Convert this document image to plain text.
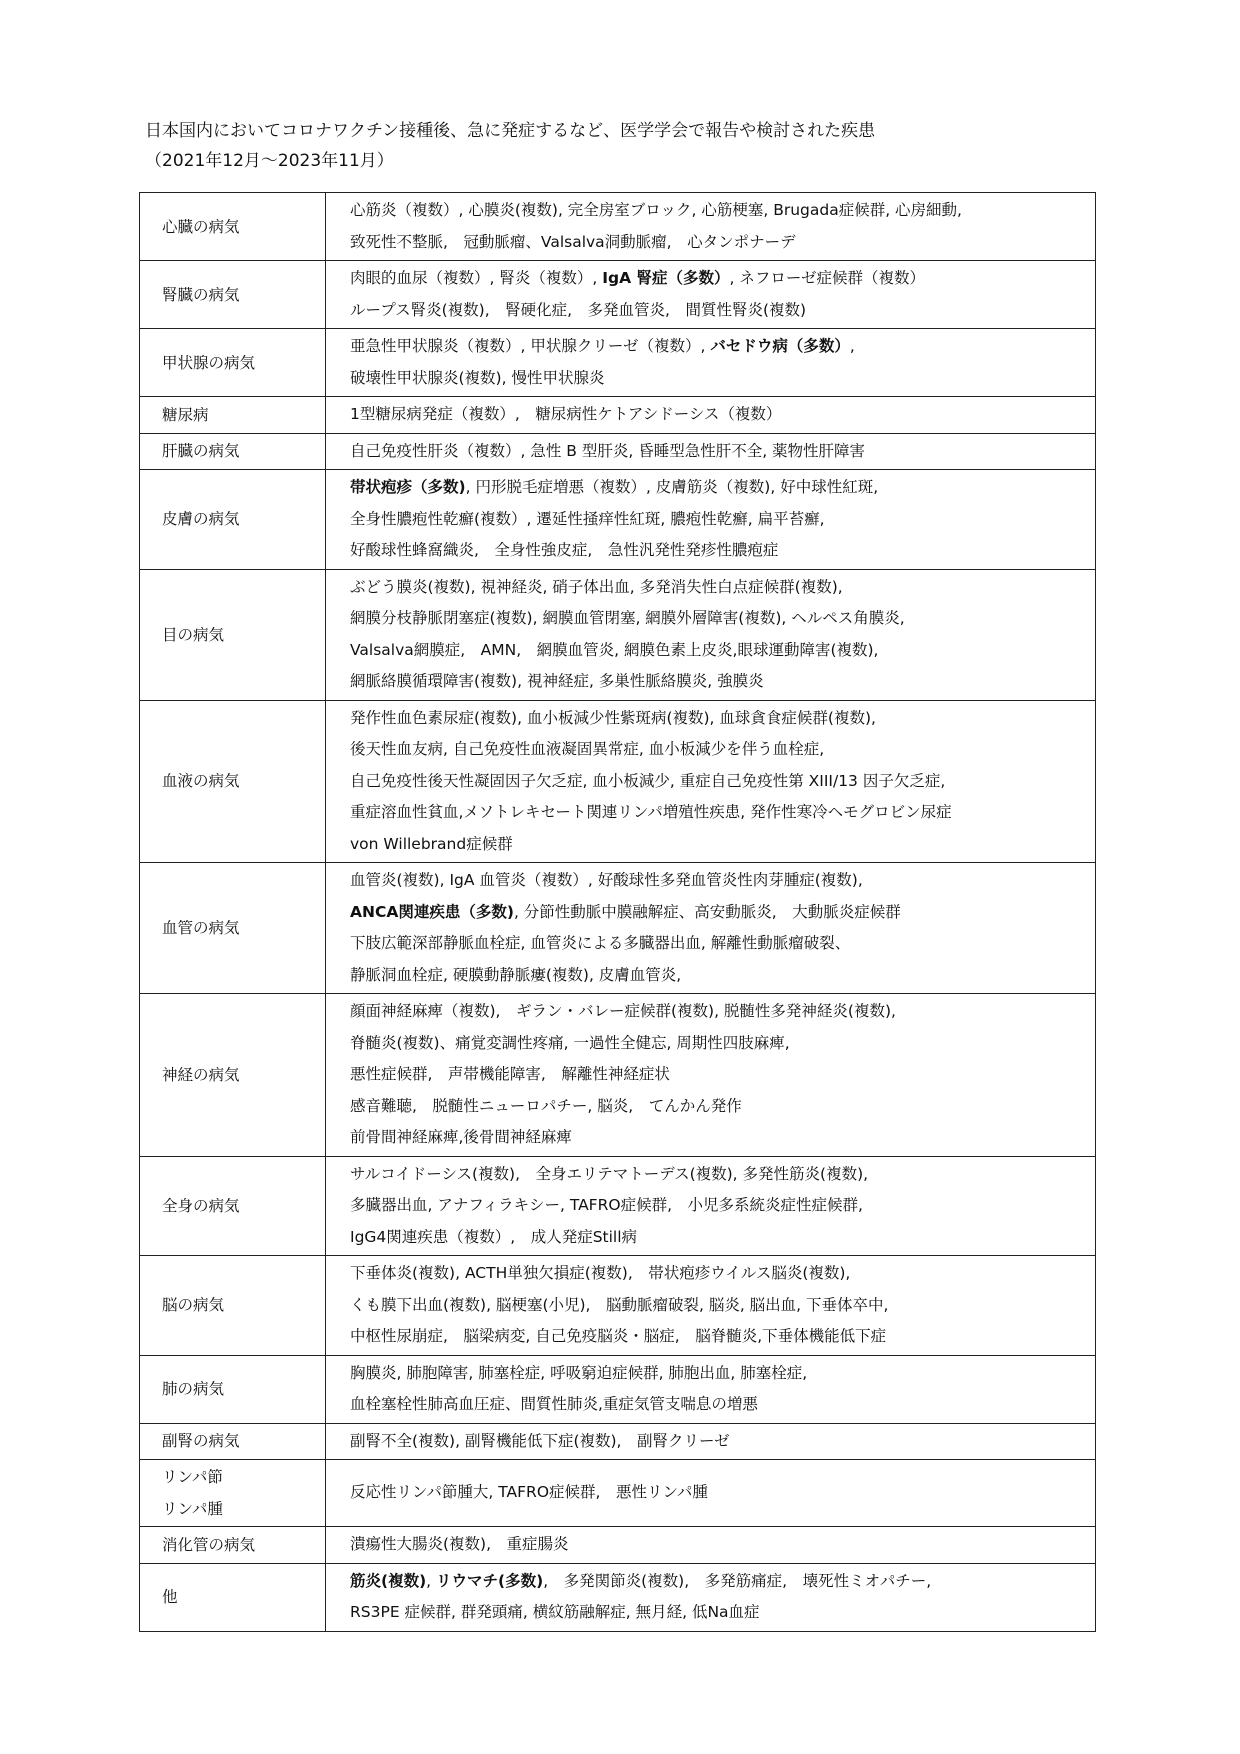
日本国内においてコロナワクチン接種後、急に発症するなど、医学学会で報告や検討された疾患
（2021年12月～2023年11月）
心臓の病気	心筋炎（複数）, 心膜炎(複数), 完全房室ブロック, 心筋梗塞, Brugada症候群, 心房細動,
致死性不整脈,　冠動脈瘤、Valsalva洞動脈瘤,　心タンポナーデ

腎臓の病気	肉眼的血尿（複数）, 腎炎（複数）, IgA 腎症（多数）, ネフローゼ症候群（複数）
ループス腎炎(複数),　腎硬化症,　多発血管炎,　間質性腎炎(複数)

甲状腺の病気	亜急性甲状腺炎（複数）, 甲状腺クリーゼ（複数）, バセドウ病（多数）,
破壊性甲状腺炎(複数), 慢性甲状腺炎

糖尿病	1型糖尿病発症（複数）,　糖尿病性ケトアシドーシス（複数）

肝臓の病気	自己免疫性肝炎（複数）, 急性 B 型肝炎, 昏睡型急性肝不全, 薬物性肝障害

皮膚の病気	帯状疱疹（多数), 円形脱毛症増悪（複数）, 皮膚筋炎（複数), 好中球性紅斑,
全身性膿疱性乾癬(複数）, 遷延性掻痒性紅斑, 膿疱性乾癬, 扁平苔癬,
好酸球性蜂窩織炎,　全身性強皮症,　急性汎発性発疹性膿疱症

目の病気	ぶどう膜炎(複数), 視神経炎, 硝子体出血, 多発消失性白点症候群(複数),
網膜分枝静脈閉塞症(複数), 網膜血管閉塞, 網膜外層障害(複数), ヘルペス角膜炎,
Valsalva網膜症,　AMN,　網膜血管炎, 網膜色素上皮炎,眼球運動障害(複数),
網脈絡膜循環障害(複数), 視神経症, 多巣性脈絡膜炎, 強膜炎

血液の病気	発作性血色素尿症(複数), 血小板減少性紫斑病(複数), 血球貪食症候群(複数),
後天性血友病, 自己免疫性血液凝固異常症, 血小板減少を伴う血栓症,
自己免疫性後天性凝固因子欠乏症, 血小板減少, 重症自己免疫性第 XIII/13 因子欠乏症,
重症溶血性貧血,メソトレキセート関連リンパ増殖性疾患, 発作性寒冷ヘモグロビン尿症
von Willebrand症候群

血管の病気	血管炎(複数), IgA 血管炎（複数）, 好酸球性多発血管炎性肉芽腫症(複数),
ANCA関連疾患（多数), 分節性動脈中膜融解症、高安動脈炎,　大動脈炎症候群
下肢広範深部静脈血栓症, 血管炎による多臓器出血, 解離性動脈瘤破裂、
静脈洞血栓症, 硬膜動静脈瘻(複数), 皮膚血管炎,

神経の病気	顔面神経麻痺（複数),　ギラン・バレー症候群(複数), 脱髄性多発神経炎(複数),
脊髄炎(複数)、痛覚変調性疼痛, 一過性全健忘, 周期性四肢麻痺,
悪性症候群,　声帯機能障害,　解離性神経症状
感音難聴,　脱髄性ニューロパチー, 脳炎,　てんかん発作
前骨間神経麻痺,後骨間神経麻痺

全身の病気	サルコイドーシス(複数),　全身エリテマトーデス(複数), 多発性筋炎(複数),
多臓器出血, アナフィラキシー, TAFRO症候群,　小児多系統炎症性症候群,
IgG4関連疾患（複数）,　成人発症Still病

脳の病気	下垂体炎(複数), ACTH単独欠損症(複数),　帯状疱疹ウイルス脳炎(複数),
くも膜下出血(複数), 脳梗塞(小児),　脳動脈瘤破裂, 脳炎, 脳出血, 下垂体卒中,
中枢性尿崩症,　脳梁病変, 自己免疫脳炎・脳症,　脳脊髄炎,下垂体機能低下症

肺の病気	胸膜炎, 肺胞障害, 肺塞栓症, 呼吸窮迫症候群, 肺胞出血, 肺塞栓症,
血栓塞栓性肺高血圧症、間質性肺炎,重症気管支喘息の増悪

副腎の病気	副腎不全(複数), 副腎機能低下症(複数),　副腎クリーゼ

リンパ節
リンパ腫	反応性リンパ節腫大, TAFRO症候群,　悪性リンパ腫

消化管の病気	潰瘍性大腸炎(複数),　重症腸炎

他	筋炎(複数), リウマチ(多数),　多発関節炎(複数),　多発筋痛症,　壊死性ミオパチー,
RS3PE 症候群, 群発頭痛, 横紋筋融解症, 無月経, 低Na血症
